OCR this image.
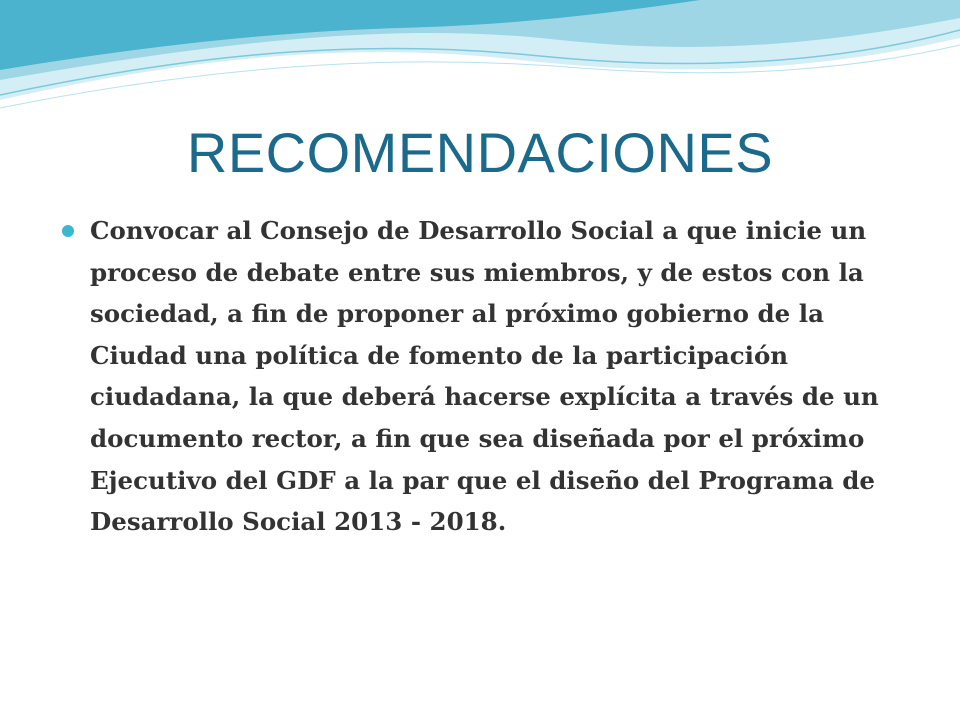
RECOMENDACIONES
Convocar al Consejo de Desarrollo Social a que inicie un proceso de debate entre sus miembros, y de estos con la sociedad, a fin de proponer al próximo gobierno de la Ciudad una política de fomento de la participación ciudadana, la que deberá hacerse explícita a través de un documento rector, a fin que sea diseñada por el próximo Ejecutivo del GDF a la par que el diseño del Programa de Desarrollo Social 2013 - 2018.
